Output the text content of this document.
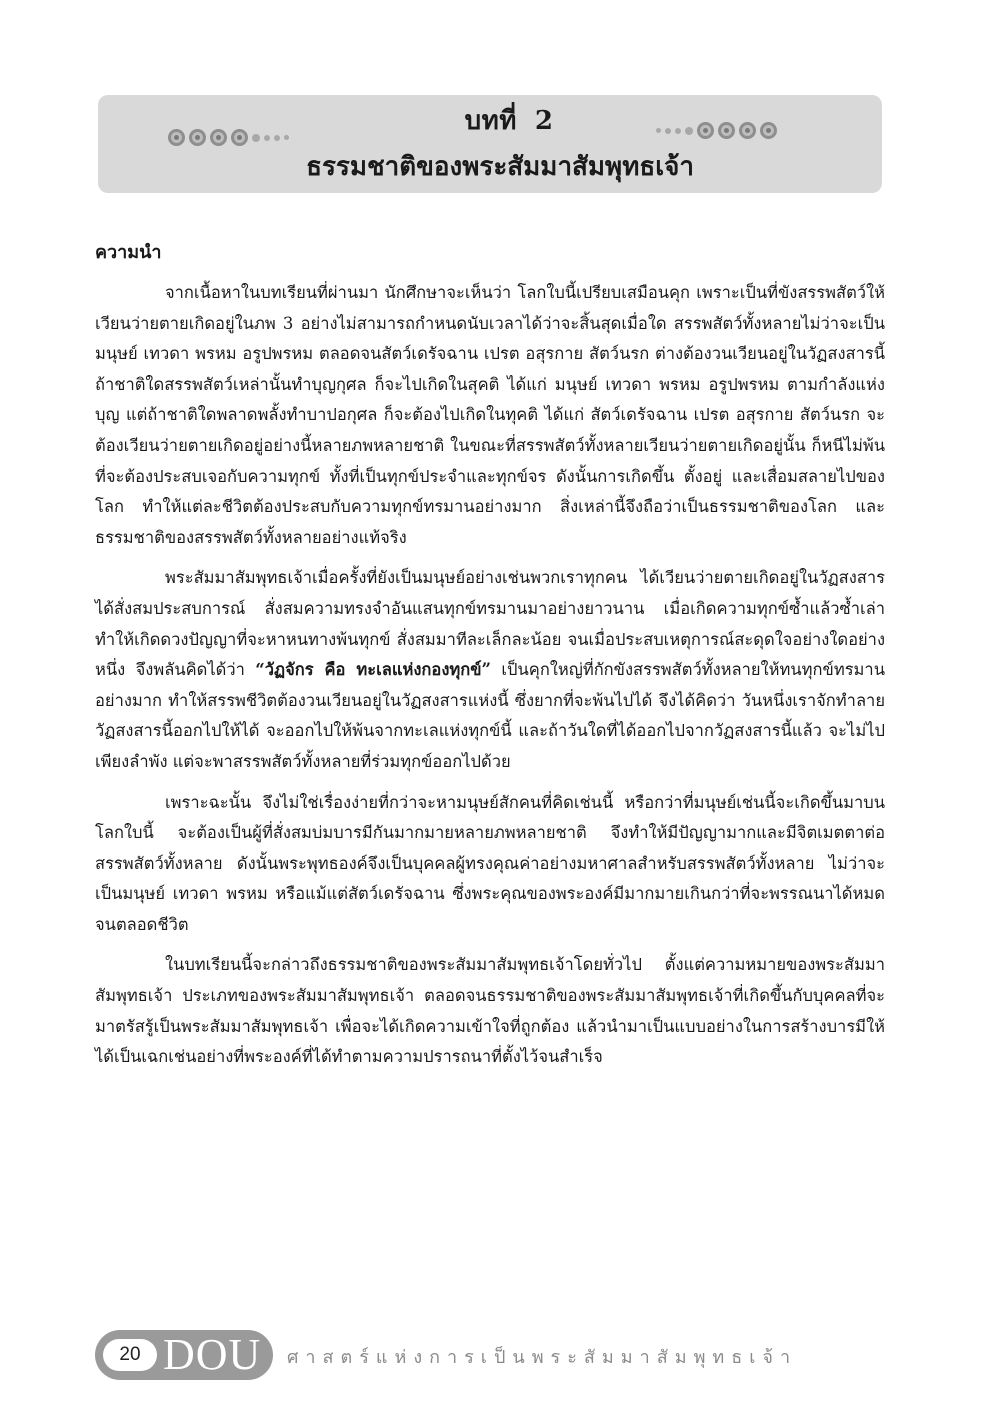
บทที่ 2
ธรรมชาติของพระสัมมาสัมพุทธเจ้า
ความนำ

จากเนื้อหาในบทเรียนที่ผ่านมา นักศึกษาจะเห็นว่า โลกใบนี้เปรียบเสมือนคุก เพราะเป็นที่ขังสรรพสัตว์ให้เวียนว่ายตายเกิดอยู่ในภพ 3 อย่างไม่สามารถกำหนดนับเวลาได้ว่าจะสิ้นสุดเมื่อใด สรรพสัตว์ทั้งหลายไม่ว่าจะเป็นมนุษย์ เทวดา พรหม อรูปพรหม ตลอดจนสัตว์เดรัจฉาน เปรต อสุรกาย สัตว์นรก ต่างต้องวนเวียนอยู่ในวัฏสงสารนี้ ถ้าชาติใดสรรพสัตว์เหล่านั้นทำบุญกุศล ก็จะไปเกิดในสุคติ ได้แก่ มนุษย์ เทวดา พรหม อรูปพรหม ตามกำลังแห่งบุญ แต่ถ้าชาติใดพลาดพลั้งทำบาปอกุศล ก็จะต้องไปเกิดในทุคติ ได้แก่ สัตว์เดรัจฉาน เปรต อสุรกาย สัตว์นรก จะต้องเวียนว่ายตายเกิดอยู่อย่างนี้หลายภพหลายชาติ ในขณะที่สรรพสัตว์ทั้งหลายเวียนว่ายตายเกิดอยู่นั้น ก็หนีไม่พ้นที่จะต้องประสบเจอกับความทุกข์ ทั้งที่เป็นทุกข์ประจำและทุกข์จร ดังนั้นการเกิดขึ้น ตั้งอยู่ และเสื่อมสลายไปของโลก ทำให้แต่ละชีวิตต้องประสบกับความทุกข์ทรมานอย่างมาก สิ่งเหล่านี้จึงถือว่าเป็นธรรมชาติของโลก และธรรมชาติของสรรพสัตว์ทั้งหลายอย่างแท้จริง

พระสัมมาสัมพุทธเจ้าเมื่อครั้งที่ยังเป็นมนุษย์อย่างเช่นพวกเราทุกคน ได้เวียนว่ายตายเกิดอยู่ในวัฏสงสาร ได้สั่งสมประสบการณ์ สั่งสมความทรงจำอันแสนทุกข์ทรมานมาอย่างยาวนาน เมื่อเกิดความทุกข์ซ้ำแล้วซ้ำเล่า ทำให้เกิดดวงปัญญาที่จะหาหนทางพ้นทุกข์ สั่งสมมาทีละเล็กละน้อย จนเมื่อประสบเหตุการณ์สะดุดใจอย่างใดอย่างหนึ่ง จึงพลันคิดได้ว่า “วัฏจักร คือ ทะเลแห่งกองทุกข์” เป็นคุกใหญ่ที่กักขังสรรพสัตว์ทั้งหลายให้ทนทุกข์ทรมานอย่างมาก ทำให้สรรพชีวิตต้องวนเวียนอยู่ในวัฏสงสารแห่งนี้ ซึ่งยากที่จะพ้นไปได้ จึงได้คิดว่า วันหนึ่งเราจักทำลายวัฏสงสารนี้ออกไปให้ได้ จะออกไปให้พ้นจากทะเลแห่งทุกข์นี้ และถ้าวันใดที่ได้ออกไปจากวัฏสงสารนี้แล้ว จะไม่ไปเพียงลำพัง แต่จะพาสรรพสัตว์ทั้งหลายที่ร่วมทุกข์ออกไปด้วย

เพราะฉะนั้น จึงไม่ใช่เรื่องง่ายที่กว่าจะหามนุษย์สักคนที่คิดเช่นนี้ หรือกว่าที่มนุษย์เช่นนี้จะเกิดขึ้นมาบนโลกใบนี้ จะต้องเป็นผู้ที่สั่งสมบ่มบารมีกันมากมายหลายภพหลายชาติ จึงทำให้มีปัญญามากและมีจิตเมตตาต่อสรรพสัตว์ทั้งหลาย ดังนั้นพระพุทธองค์จึงเป็นบุคคลผู้ทรงคุณค่าอย่างมหาศาลสำหรับสรรพสัตว์ทั้งหลาย ไม่ว่าจะเป็นมนุษย์ เทวดา พรหม หรือแม้แต่สัตว์เดรัจฉาน ซึ่งพระคุณของพระองค์มีมากมายเกินกว่าที่จะพรรณนาได้หมดจนตลอดชีวิต

ในบทเรียนนี้จะกล่าวถึงธรรมชาติของพระสัมมาสัมพุทธเจ้าโดยทั่วไป ตั้งแต่ความหมายของพระสัมมาสัมพุทธเจ้า ประเภทของพระสัมมาสัมพุทธเจ้า ตลอดจนธรรมชาติของพระสัมมาสัมพุทธเจ้าที่เกิดขึ้นกับบุคคลที่จะมาตรัสรู้เป็นพระสัมมาสัมพุทธเจ้า เพื่อจะได้เกิดความเข้าใจที่ถูกต้อง แล้วนำมาเป็นแบบอย่างในการสร้างบารมีให้ได้เป็นเฉกเช่นอย่างที่พระองค์ที่ได้ทำตามความปรารถนาที่ตั้งไว้จนสำเร็จ

20 DOU ศาสตร์แห่งการเป็นพระสัมมาสัมพุทธเจ้า
